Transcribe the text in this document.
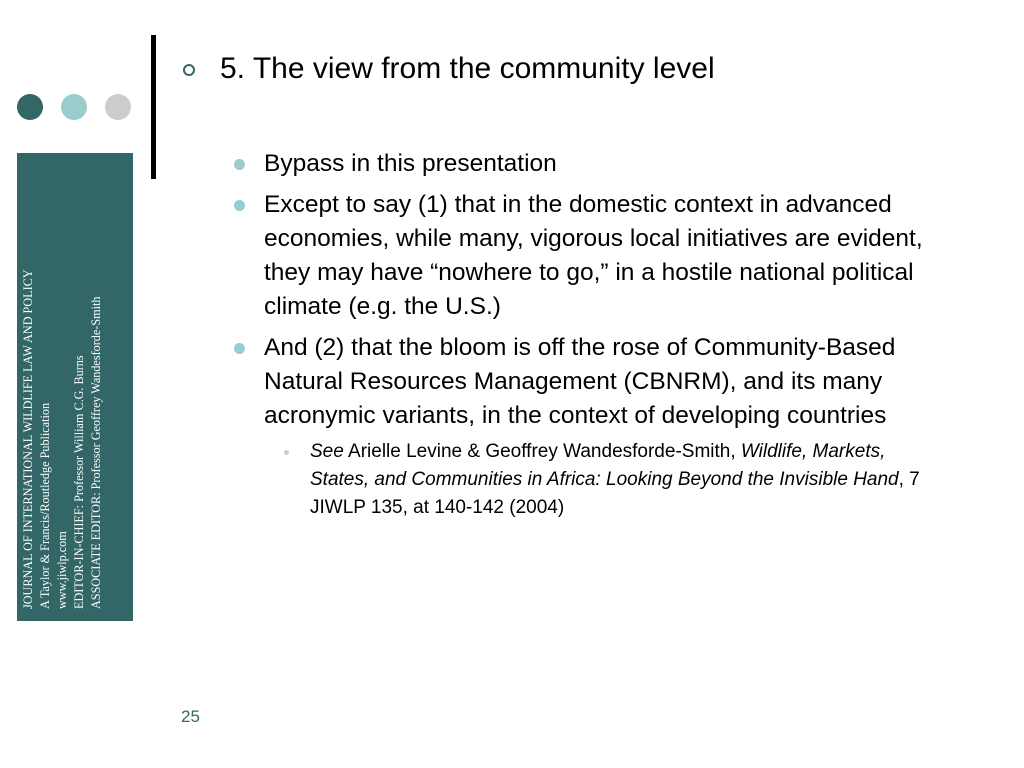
JOURNAL OF INTERNATIONAL WILDLIFE LAW AND POLICY A Taylor & Francis/Routledge Publication www.jiwlp.com EDITOR-IN-CHIEF: Professor William C.G. Burns ASSOCIATE EDITOR: Professor Geoffrey Wandesforde-Smith
5. The view from the community level
Bypass in this presentation
Except to say (1) that in the domestic context in advanced economies, while many, vigorous local initiatives are evident, they may have “nowhere to go,” in a hostile national political climate (e.g. the U.S.)
And (2) that the bloom is off the rose of Community-Based Natural Resources Management (CBNRM), and its many acronymic variants, in the context of developing countries
See Arielle Levine & Geoffrey Wandesforde-Smith, Wildlife, Markets, States, and Communities in Africa: Looking Beyond the Invisible Hand, 7 JIWLP 135, at 140-142 (2004)
25
